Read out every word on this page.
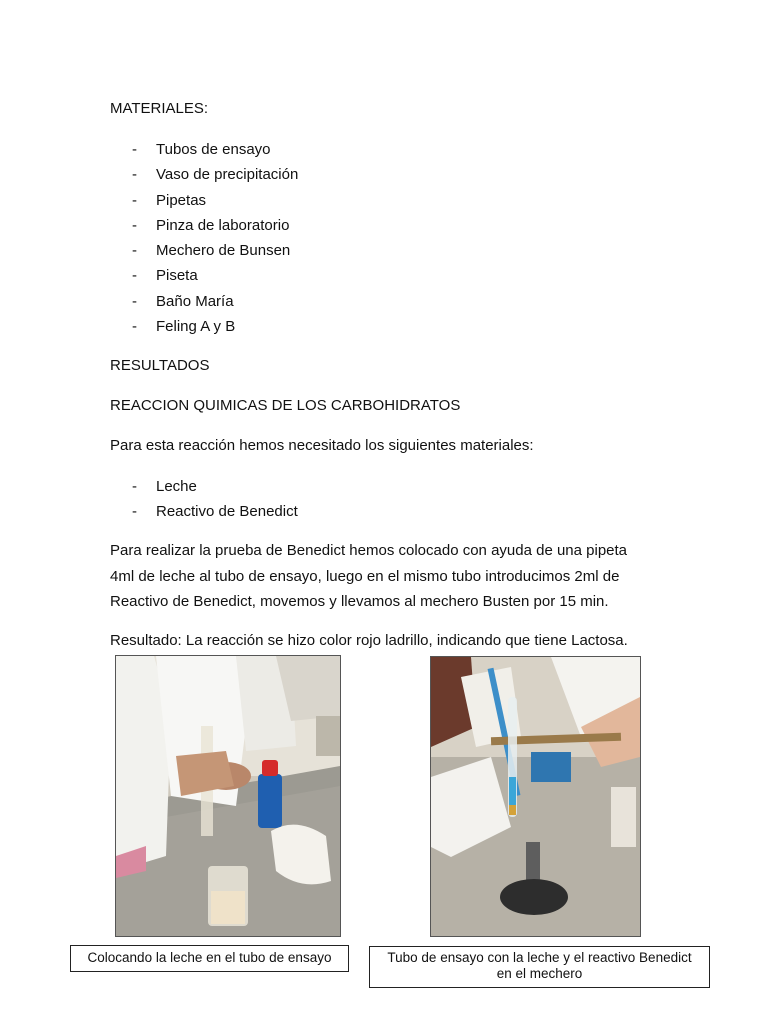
MATERIALES:
- Tubos de ensayo
- Vaso de precipitación
- Pipetas
- Pinza de laboratorio
- Mechero de Bunsen
- Piseta
- Baño María
- Feling A y B
RESULTADOS
REACCION QUIMICAS DE LOS CARBOHIDRATOS
Para esta reacción hemos necesitado los siguientes materiales:
- Leche
- Reactivo de Benedict
Para realizar la prueba de Benedict hemos colocado con ayuda de una pipeta
4ml de leche al tubo de ensayo, luego en el mismo tubo introducimos 2ml de
Reactivo de Benedict, movemos y llevamos al mechero Busten por 15 min.
Resultado: La reacción se hizo color rojo ladrillo, indicando que tiene Lactosa.
Colocando la leche en el tubo de ensayo	Tubo de ensayo con la leche y el reactivo Benedict
en el mechero
